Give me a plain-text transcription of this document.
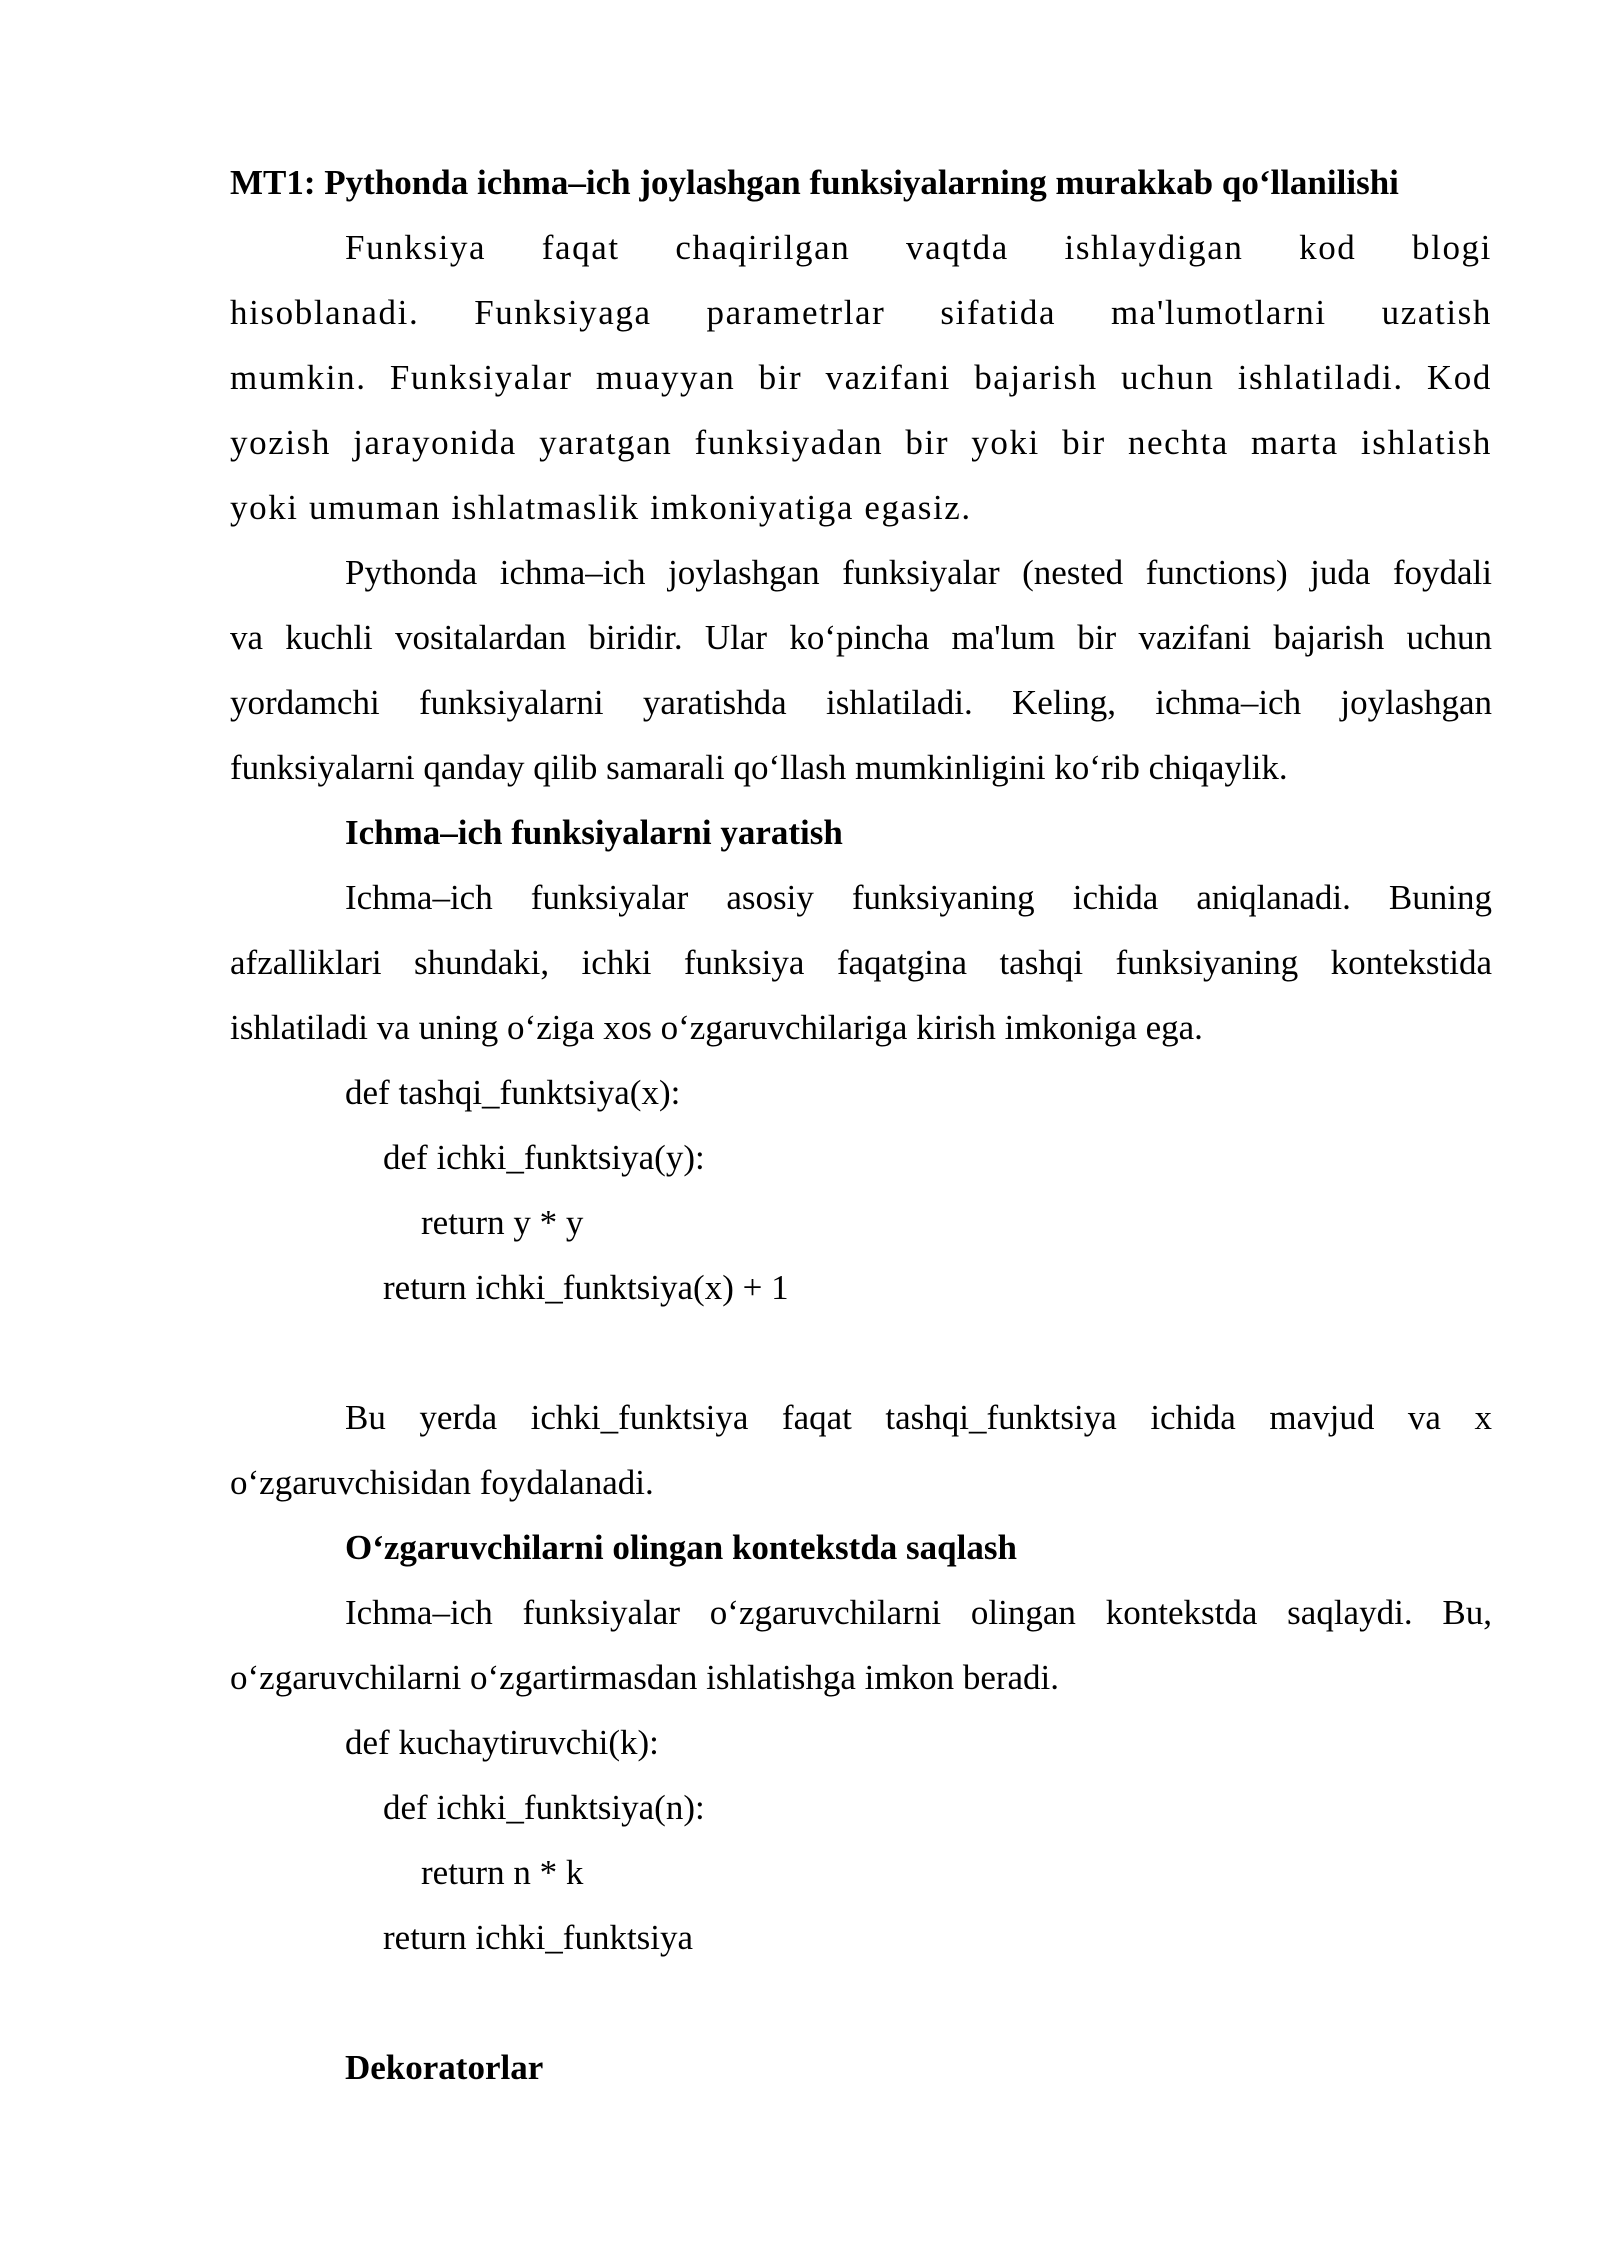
MT1: Pythonda ichma–ich joylashgan funksiyalarning murakkab qo‘llanilishi
Funksiya faqat chaqirilgan vaqtda ishlaydigan kod blogi
hisoblanadi. Funksiyaga parametrlar sifatida ma'lumotlarni uzatish
mumkin. Funksiyalar muayyan bir vazifani bajarish uchun ishlatiladi. Kod
yozish jarayonida yaratgan funksiyadan bir yoki bir nechta marta ishlatish
yoki umuman ishlatmaslik imkoniyatiga egasiz.
Pythonda ichma–ich joylashgan funksiyalar (nested functions) juda foydali
va kuchli vositalardan biridir. Ular ko‘pincha ma'lum bir vazifani bajarish uchun
yordamchi funksiyalarni yaratishda ishlatiladi. Keling, ichma–ich joylashgan
funksiyalarni qanday qilib samarali qo‘llash mumkinligini ko‘rib chiqaylik.
Ichma–ich funksiyalarni yaratish
Ichma–ich funksiyalar asosiy funksiyaning ichida aniqlanadi. Buning
afzalliklari shundaki, ichki funksiya faqatgina tashqi funksiyaning kontekstida
ishlatiladi va uning o‘ziga xos o‘zgaruvchilariga kirish imkoniga ega.
def tashqi_funktsiya(x):
def ichki_funktsiya(y):
return y * y
return ichki_funktsiya(x) + 1
Bu yerda ichki_funktsiya faqat tashqi_funktsiya ichida mavjud va x
o‘zgaruvchisidan foydalanadi.
O‘zgaruvchilarni olingan kontekstda saqlash
Ichma–ich funksiyalar o‘zgaruvchilarni olingan kontekstda saqlaydi. Bu,
o‘zgaruvchilarni o‘zgartirmasdan ishlatishga imkon beradi.
def kuchaytiruvchi(k):
def ichki_funktsiya(n):
return n * k
return ichki_funktsiya
Dekoratorlar
